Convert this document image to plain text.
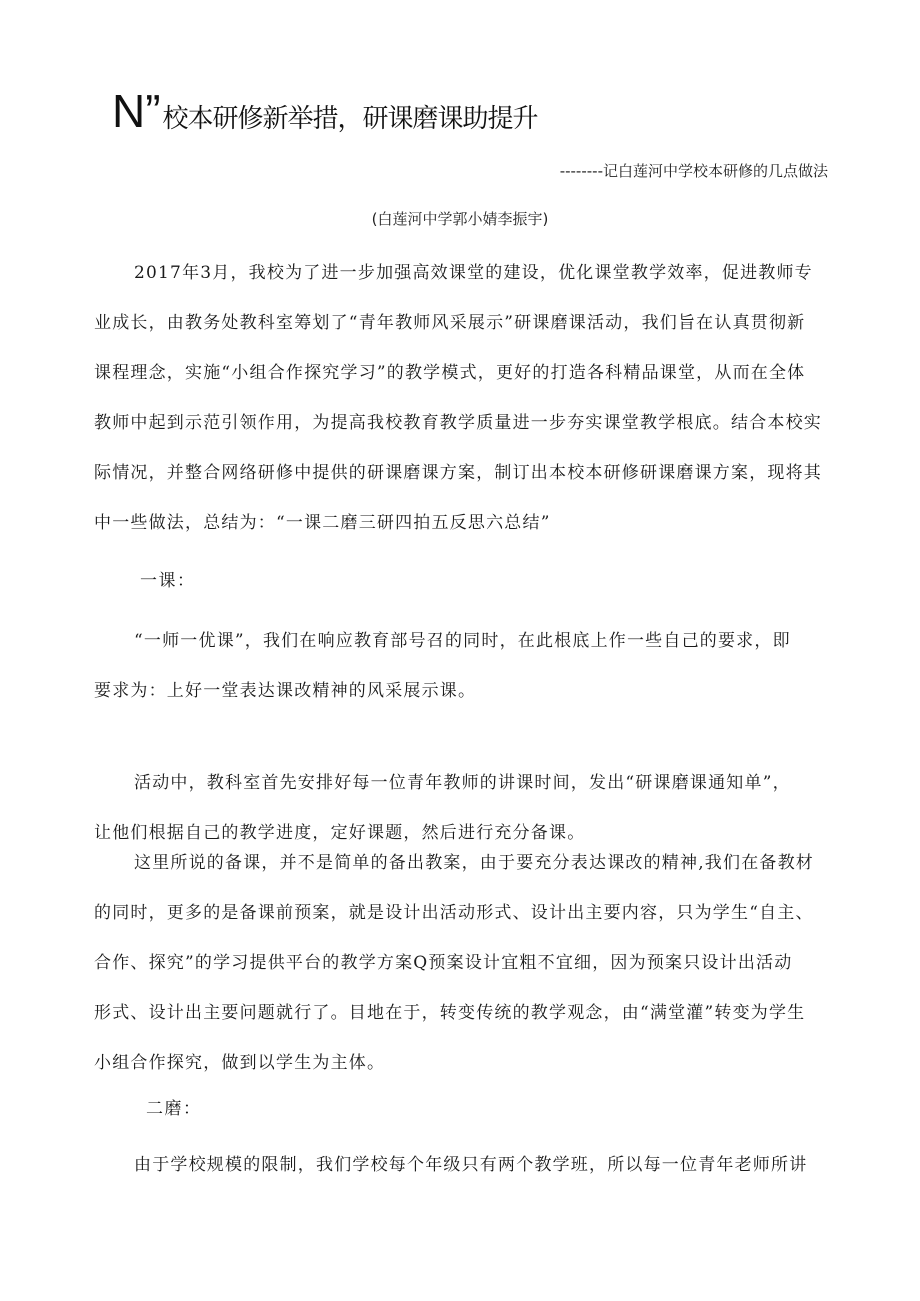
N” 校本研修新举措，研课磨课助提升
--------记白莲河中学校本研修的几点做法
(白莲河中学郭小婧李振宇)
2017年3月，我校为了进一步加强高效课堂的建设，优化课堂教学效率，促进教师专
业成长，由教务处教科室筹划了“青年教师风采展示”研课磨课活动，我们旨在认真贯彻新
课程理念，实施“小组合作探究学习”的教学模式，更好的打造各科精品课堂，从而在全体
教师中起到示范引领作用，为提高我校教育教学质量进一步夯实课堂教学根底。结合本校实
际情况，并整合网络研修中提供的研课磨课方案，制订出本校本研修研课磨课方案，现将其
中一些做法，总结为：“一课二磨三研四拍五反思六总结”
一课：
“一师一优课”，我们在响应教育部号召的同时，在此根底上作一些自己的要求，即
要求为：上好一堂表达课改精神的风采展示课。
活动中，教科室首先安排好每一位青年教师的讲课时间，发出“研课磨课通知单”，
让他们根据自己的教学进度，定好课题，然后进行充分备课。
这里所说的备课，并不是简单的备出教案，由于要充分表达课改的精神,我们在备教材
的同时，更多的是备课前预案，就是设计出活动形式、设计出主要内容，只为学生“自主、
合作、探究”的学习提供平台的教学方案Q预案设计宜粗不宜细，因为预案只设计出活动
形式、设计出主要问题就行了。目地在于，转变传统的教学观念，由“满堂灌”转变为学生
小组合作探究，做到以学生为主体。
二磨：
由于学校规模的限制，我们学校每个年级只有两个教学班，所以每一位青年老师所讲
